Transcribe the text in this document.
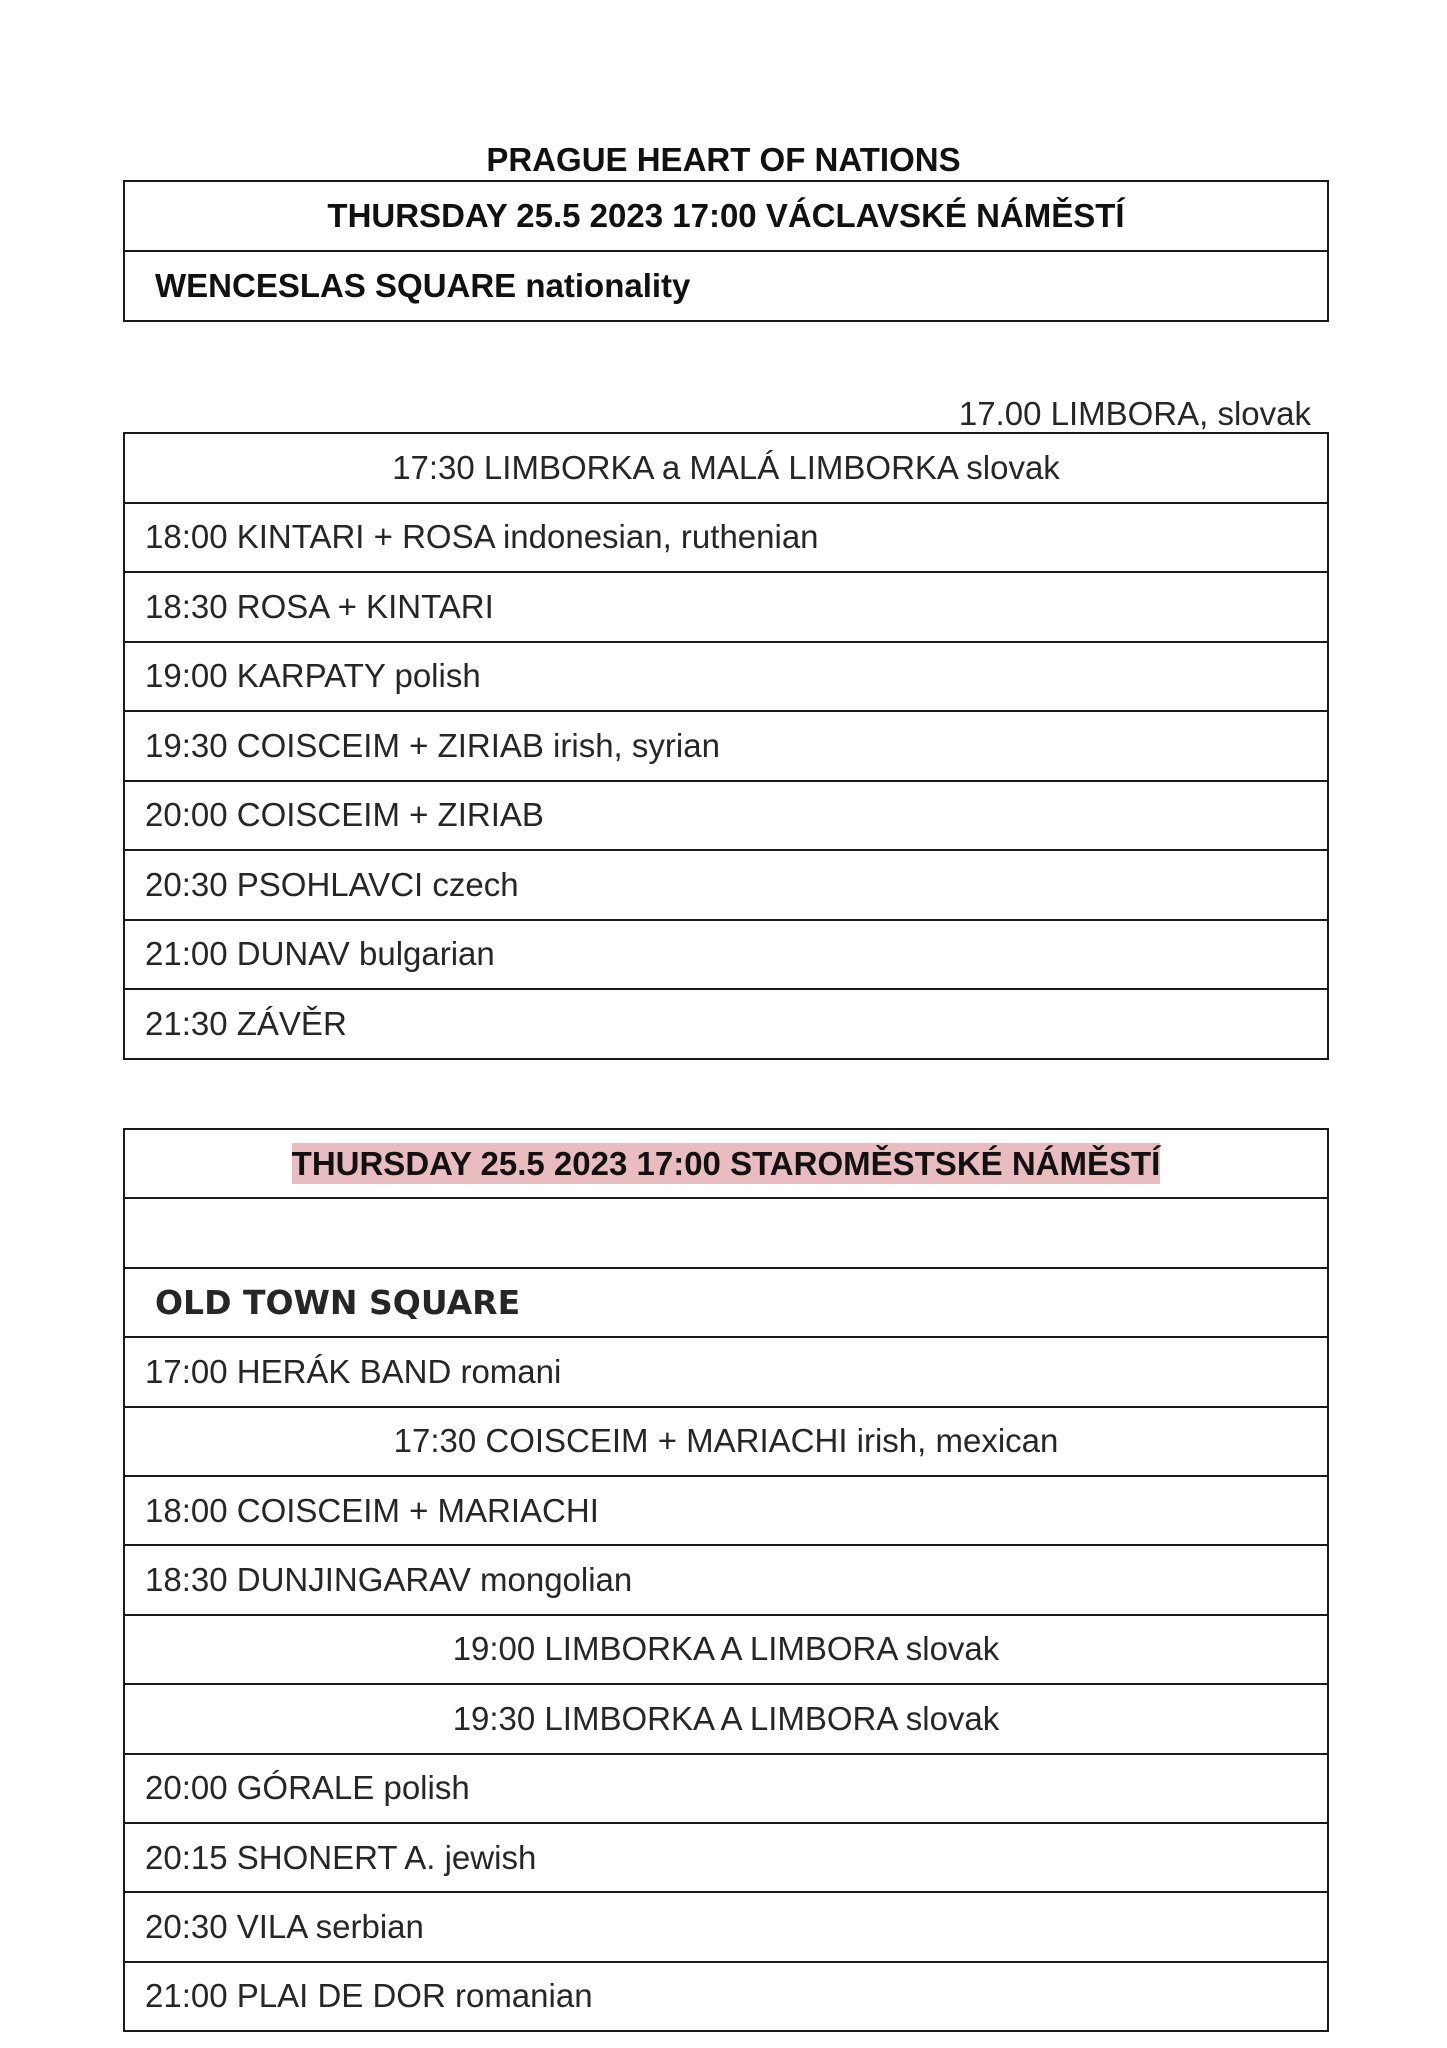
PRAGUE HEART OF NATIONS
THURSDAY 25.5 2023 17:00 VÁCLAVSKÉ NÁMĚSTÍ
WENCESLAS SQUARE nationality
17.00 LIMBORA, slovak
17:30 LIMBORKA a MALÁ LIMBORKA slovak
18:00 KINTARI + ROSA indonesian, ruthenian
18:30 ROSA + KINTARI
19:00 KARPATY polish
19:30 COISCEIM + ZIRIAB irish, syrian
20:00 COISCEIM + ZIRIAB
20:30 PSOHLAVCI czech
21:00 DUNAV bulgarian
21:30 ZÁVĚR
THURSDAY 25.5 2023 17:00 STAROMĚSTSKÉ NÁMĚSTÍ

OLD TOWN SQUARE
17:00 HERÁK BAND romani
17:30 COISCEIM + MARIACHI irish, mexican
18:00 COISCEIM + MARIACHI
18:30 DUNJINGARAV mongolian
19:00 LIMBORKA A LIMBORA slovak
19:30 LIMBORKA A LIMBORA slovak
20:00 GÓRALE polish
20:15 SHONERT A. jewish
20:30 VILA serbian
21:00 PLAI DE DOR romanian
